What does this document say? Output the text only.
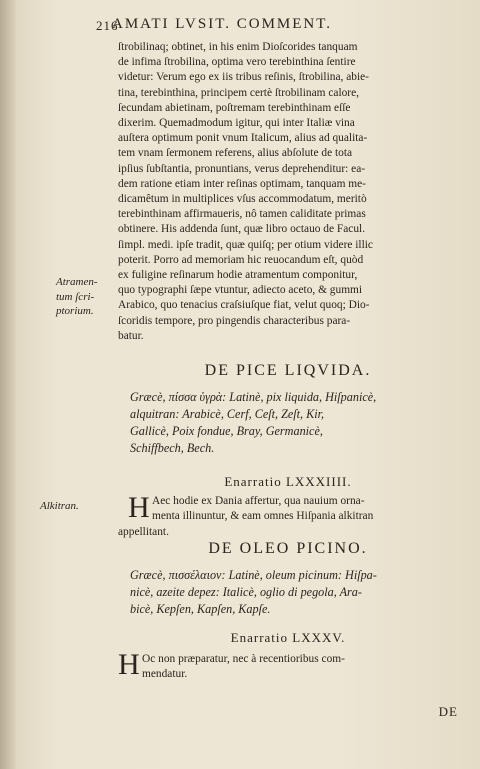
216
AMATI LVSIT. COMMENT.
ſtrobilinaq; obtinet, in his enim Dioſcorides tanquam
de infima ſtrobilina, optima vero terebinthina ſentire
videtur: Verum ego ex iis tribus reſinis, ſtrobilina, abie-
tina, terebinthina, principem certè ſtrobilinam calore,
ſecundam abietinam, poſtremam terebinthinam eſſe
dixerim. Quemadmodum igitur, qui inter Italiæ vina
auſtera optimum ponit vnum Italicum, alius ad qualita-
tem vnam ſermonem referens, alius abſolute de tota
ipſius ſubſtantia, pronuntians, verus deprehenditur: ea-
dem ratione etiam inter reſinas optimam, tanquam me-
dicamêtum in multiplices vſus accommodatum, meritò
terebinthinam affirmaueris, nô tamen caliditate primas
obtinere. His addenda ſunt, quæ libro octauo de Facul.
ſimpl. medi. ipſe tradit, quæ quiſq; per otium videre illic
poterit. Porro ad memoriam hic reuocandum eſt, quòd
ex fuligine reſinarum hodie atramentum componitur,
quo typographi ſæpe vtuntur, adiecto aceto, & gummi
Arabico, quo tenacius craſsiuſque fiat, velut quoq; Dio-
ſcoridis tempore, pro pingendis characteribus para-
batur.
Atramen-
tum ſcri-
ptorium.
DE PICE LIQVIDA.
Græcè, πίσσα ὑγρὰ: Latinè, pix liquida, Hiſpanicè,
alquitran: Arabicè, Cerf, Ceſt, Zeſt, Kir,
Gallicè, Poix fondue, Bray, Germanicè,
Schiffbech, Bech.
Enarratio LXXXIIII.
Alkitran.	H Aec hodie ex Dania affertur, qua nauium orna-
menta illinuntur, & eam omnes Hiſpania alkitran
appellitant.
DE OLEO PICINO.
Græcè, πισσέλαιον: Latinè, oleum picinum: Hiſpa-
nicè, azeite depez: Italicè, oglio di pegola, Ara-
bicè, Kepſen, Kapſen, Kapſe.
Enarratio LXXXV.
H Oc non præparatur, nec à recentioribus com-
mendatur.
DE
